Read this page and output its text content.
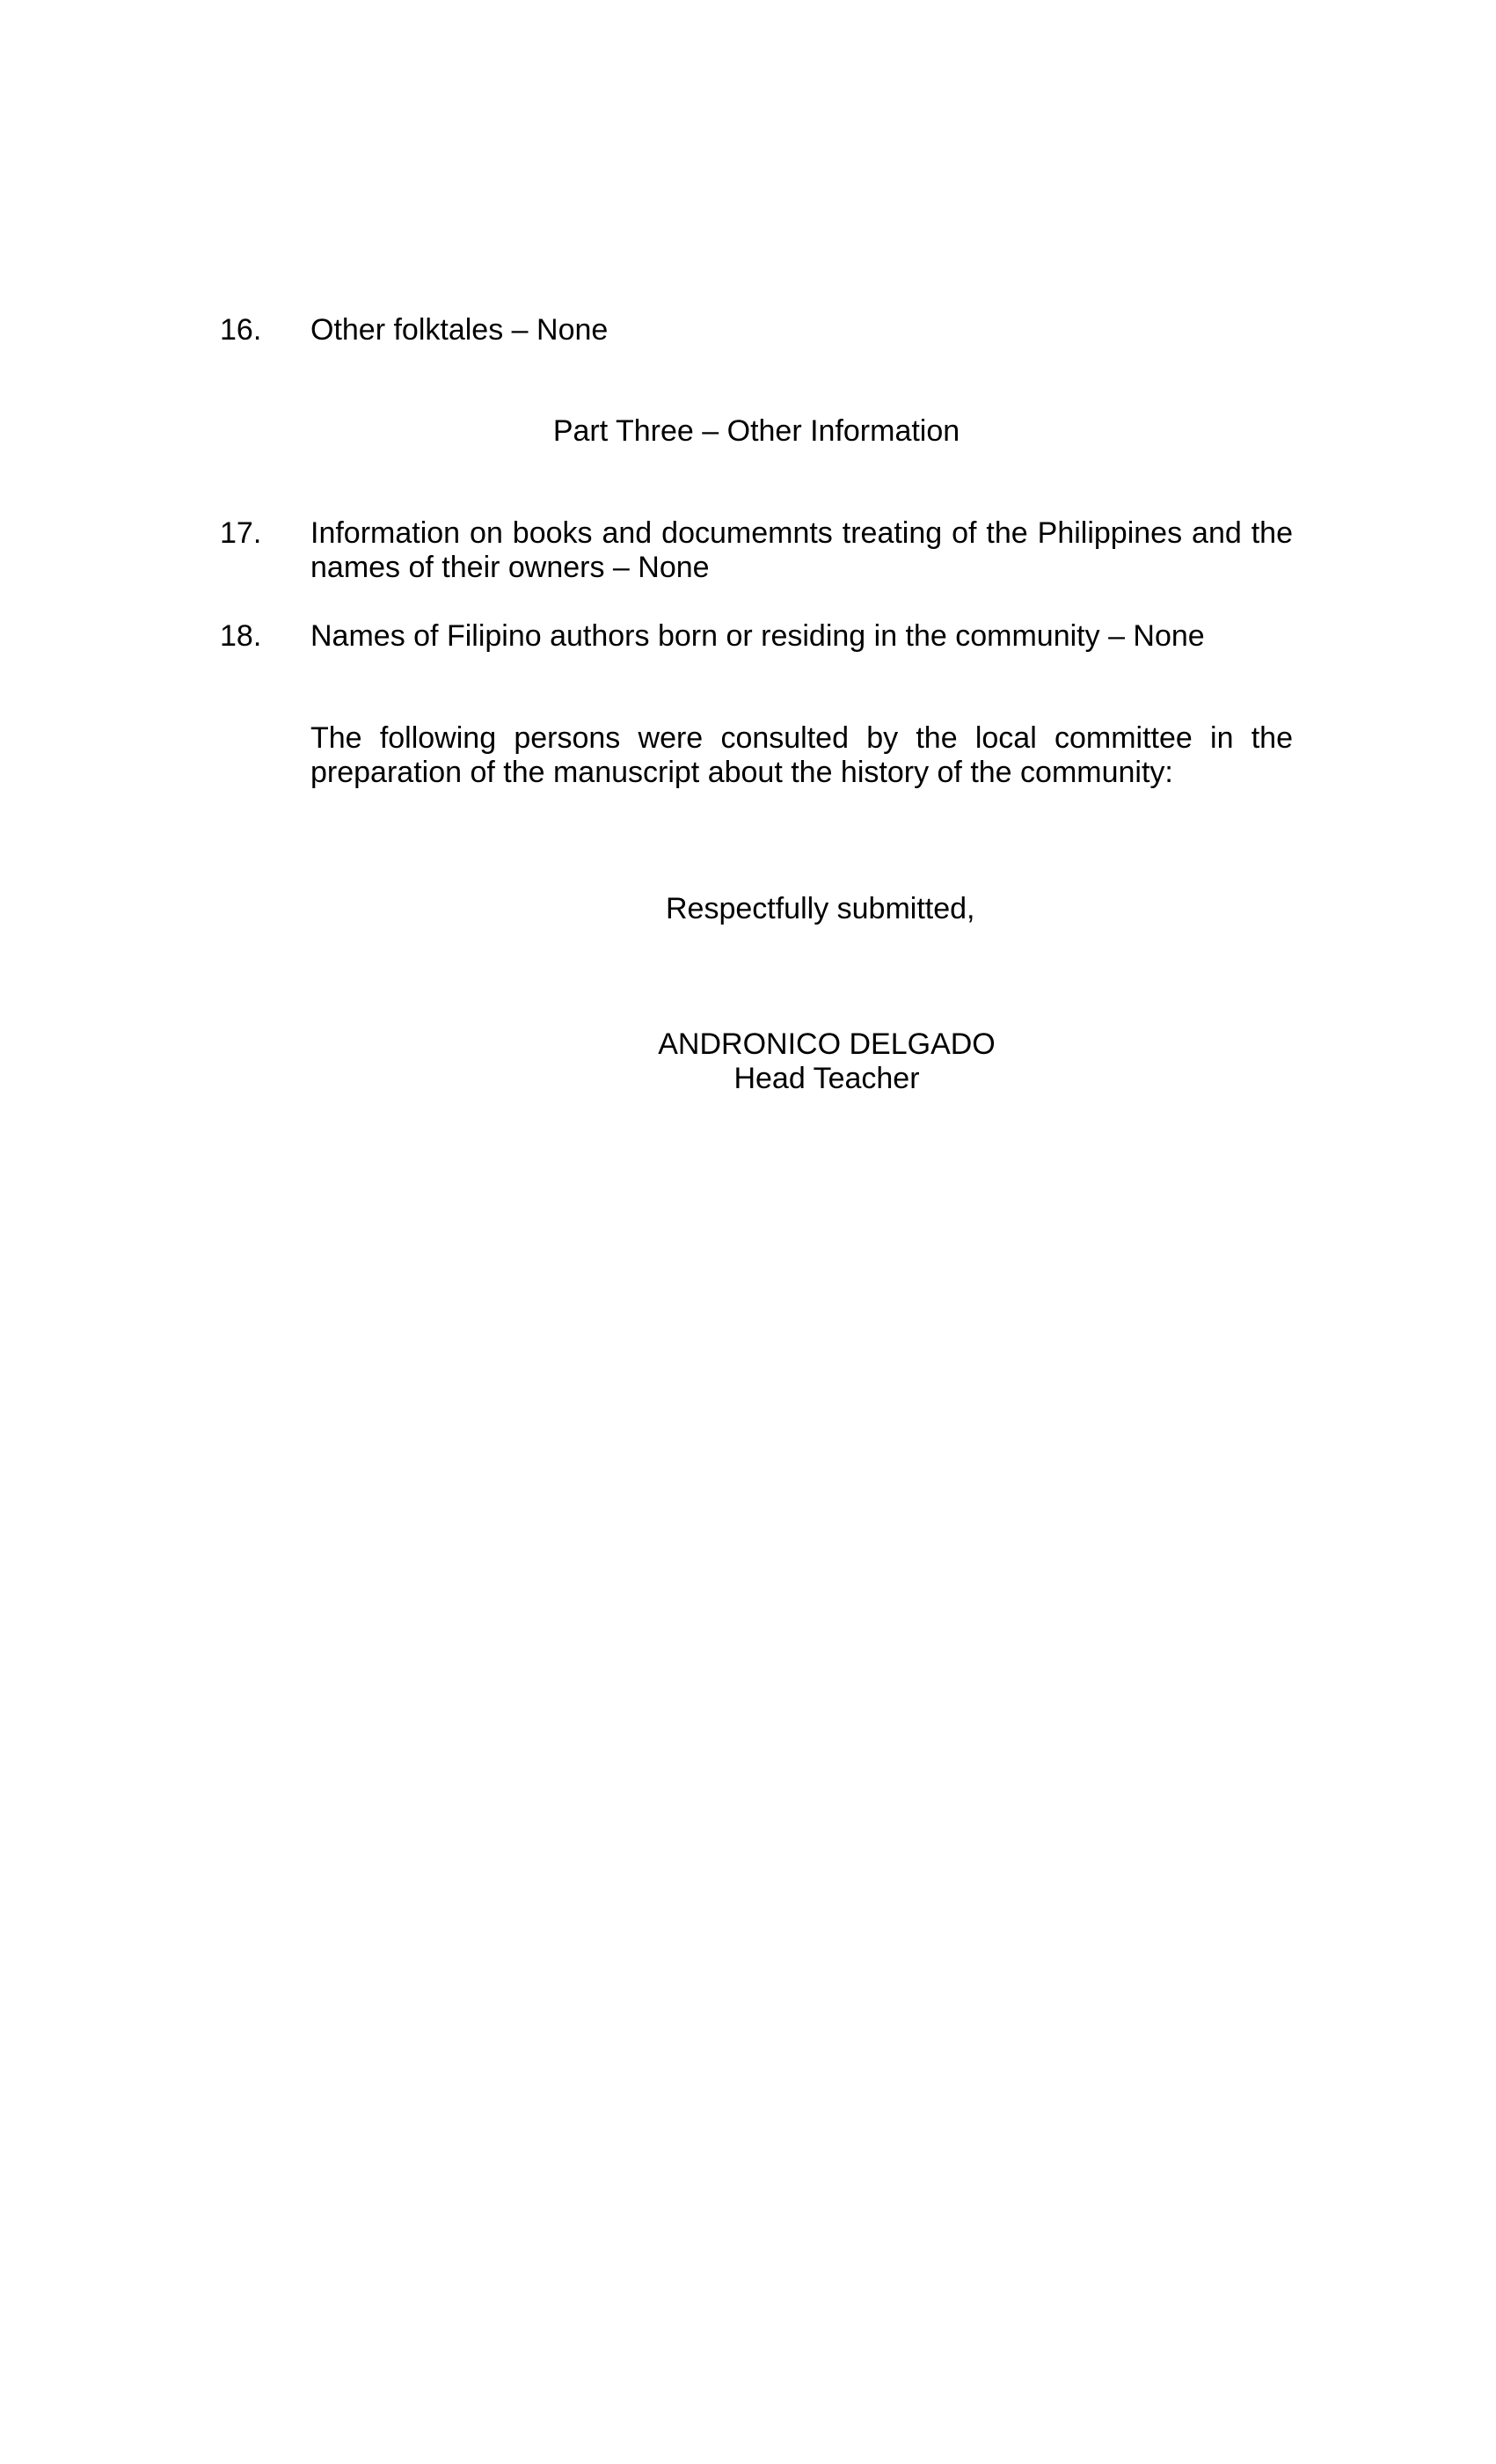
16.	Other folktales – None
Part Three – Other Information
17.	Information on books and documemnts treating of the Philippines and the names of their owners – None
18.	Names of Filipino authors born or residing in the community – None
The following persons were consulted by the local committee in the preparation of the manuscript about the history of the community:
Respectfully submitted,
ANDRONICO DELGADO
Head Teacher
